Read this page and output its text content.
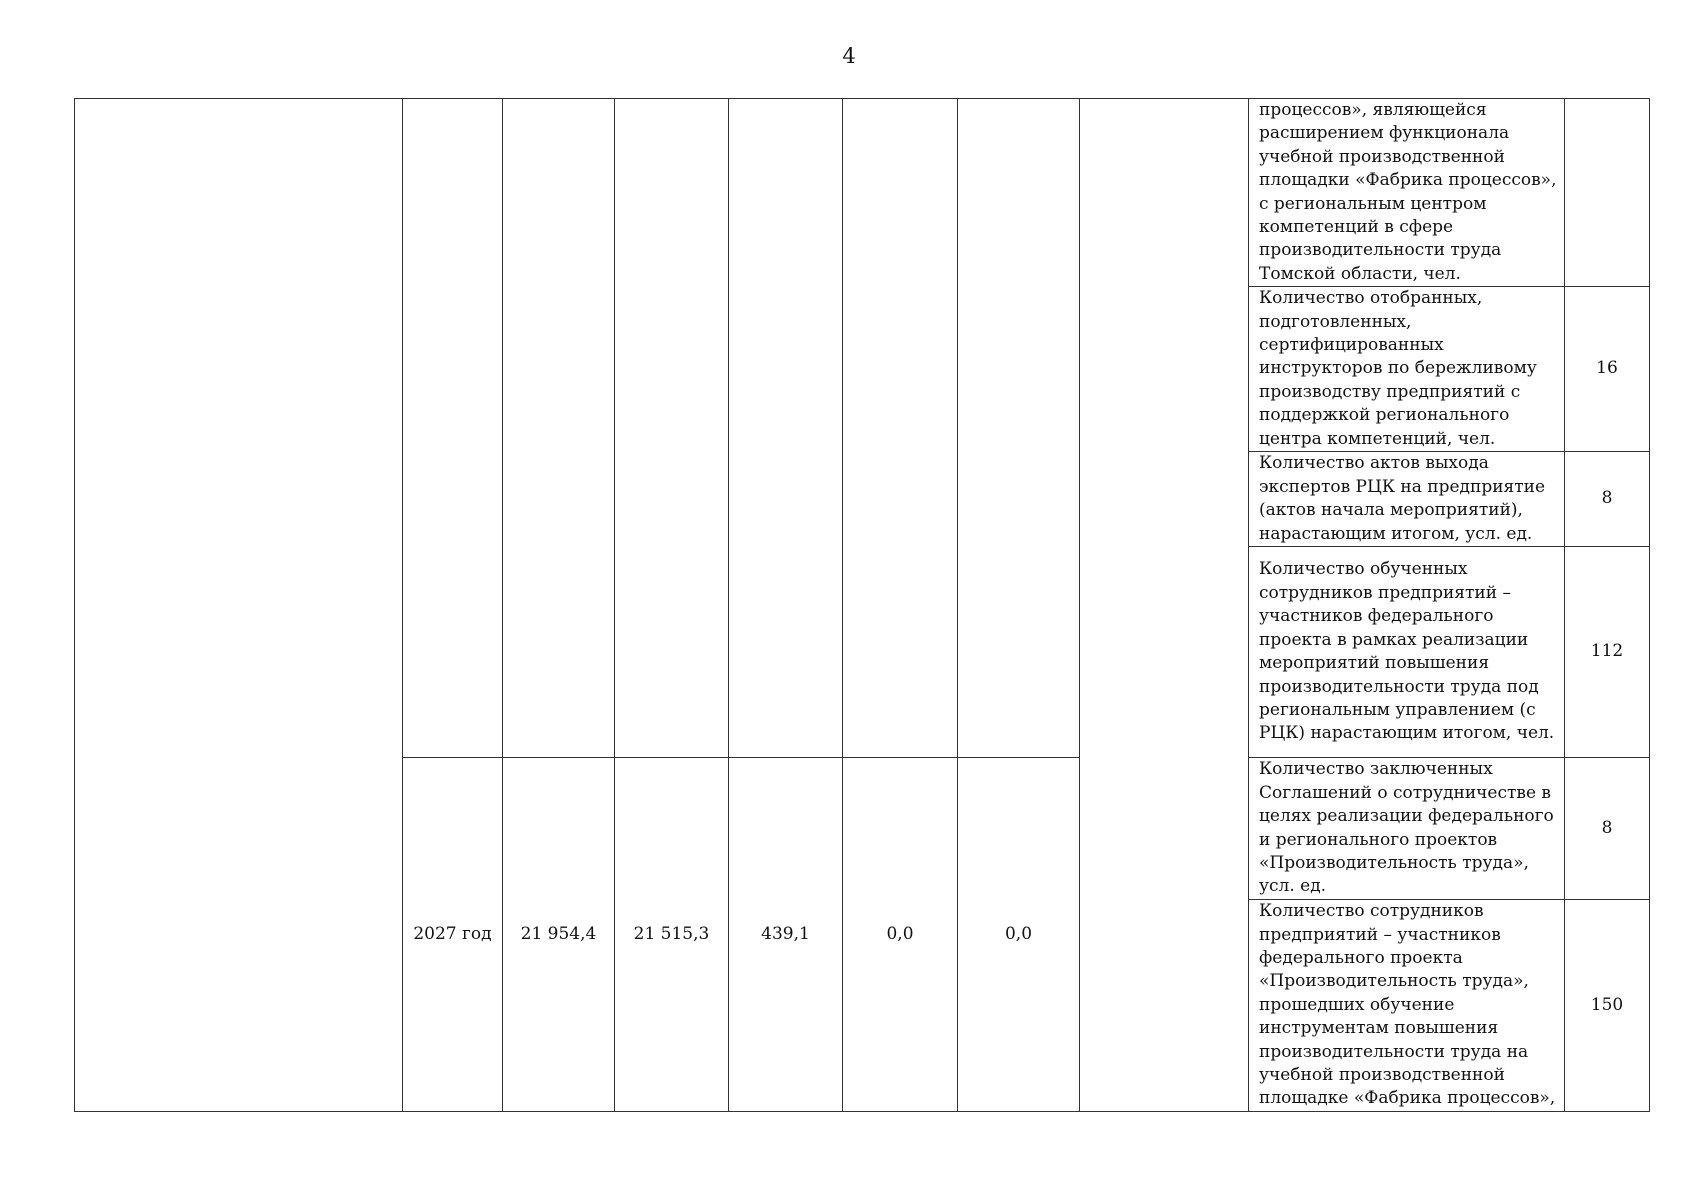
4
								процессов», являющейся расширением функционала учебной производственной площадки «Фабрика процессов», с региональным центром компетенций в сфере производительности труда Томской области, чел.	
								Количество отобранных, подготовленных, сертифицированных инструкторов по бережливому производству предприятий с поддержкой регионального центра компетенций, чел.	16
								Количество актов выхода экспертов РЦК на предприятие (актов начала мероприятий), нарастающим итогом, усл. ед.	8
								Количество обученных сотрудников предприятий – участников федерального проекта в рамках реализации мероприятий повышения производительности труда под региональным управлением (с РЦК) нарастающим итогом, чел.	112
	2027 год	21 954,4	21 515,3	439,1	0,0	0,0		Количество заключенных Соглашений о сотрудничестве в целях реализации федерального и регионального проектов «Производительность труда», усл. ед.	8
								Количество сотрудников предприятий – участников федерального проекта «Производительность труда», прошедших обучение инструментам повышения производительности труда на учебной производственной площадке «Фабрика процессов»,	150
